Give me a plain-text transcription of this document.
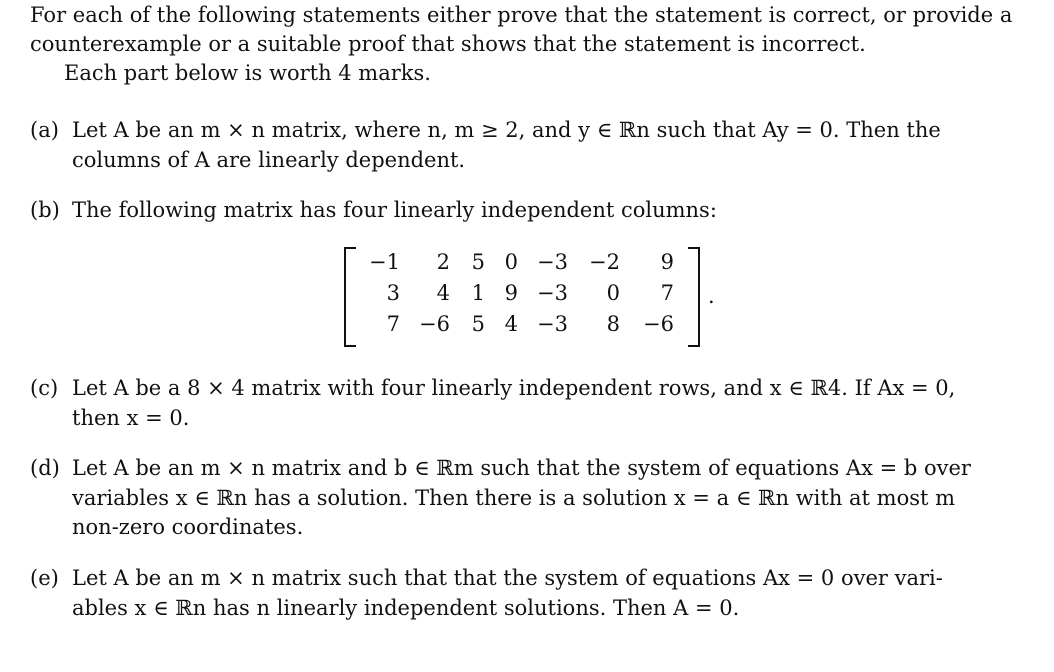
For each of the following statements either prove that the statement is correct, or provide a
counterexample or a suitable proof that shows that the statement is incorrect.
Each part below is worth 4 marks.
(a) Let A be an m × n matrix, where n, m ≥ 2, and y ∈ ℝn such that Ay = 0. Then the
columns of A are linearly dependent.
(b) The following matrix has four linearly independent columns:
−1	2	5 0 −3	−2	9
3	4	1 9 −3	0	7
7 −6	5 4 −3	8	−6
.
(c) Let A be a 8 × 4 matrix with four linearly independent rows, and x ∈ ℝ4. If Ax = 0,
then x = 0.
(d) Let A be an m × n matrix and b ∈ ℝm such that the system of equations Ax = b over
variables x ∈ ℝn has a solution. Then there is a solution x = a ∈ ℝn with at most m
non-zero coordinates.
(e) Let A be an m × n matrix such that that the system of equations Ax = 0 over vari-
ables x ∈ ℝn has n linearly independent solutions. Then A = 0.
